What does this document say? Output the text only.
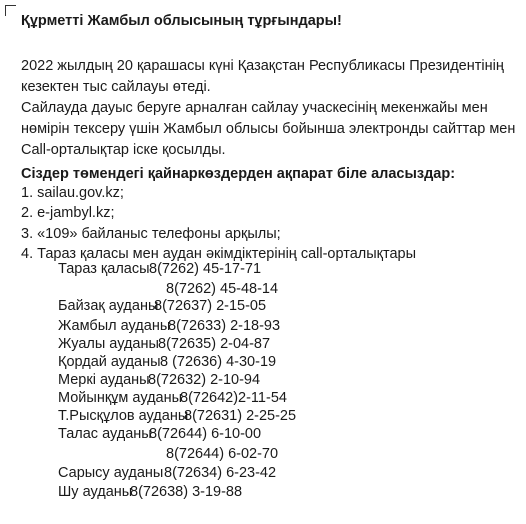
Құрметті Жамбыл облысының тұрғындары!
2022 жылдың 20 қарашасы күні Қазақстан Республикасы Президентінің
кезектен тыс сайлауы өтеді.
Сайлауда дауыс беруге арналған сайлау учаскесінің мекенжайы мен
нөмірін тексеру үшін Жамбыл облысы бойынша электронды сайттар мен
Call-орталықтар іске қосылды.
Сіздер төмендегі қайнаркөздерден ақпарат біле аласыздар:
1. sailau.gov.kz;
2. e-jambyl.kz;
3. «109» байланыс телефоны арқылы;
4. Тараз қаласы мен аудан әкімдіктерінің call-орталықтары
Тараз қаласы8(7262) 45-17-71
8(7262) 45-48-14
Байзақ ауданы8(72637) 2-15-05
Жамбыл ауданы8(72633) 2-18-93
Жуалы ауданы8(72635) 2-04-87
Қордай ауданы8 (72636) 4-30-19
Меркі ауданы8(72632) 2-10-94
Мойынқұм ауданы8(72642)2-11-54
Т.Рысқұлов ауданы8(72631) 2-25-25
Талас ауданы8(72644) 6-10-00
8(72644) 6-02-70
Сарысу ауданы8(72634) 6-23-42
Шу ауданы8(72638) 3-19-88
